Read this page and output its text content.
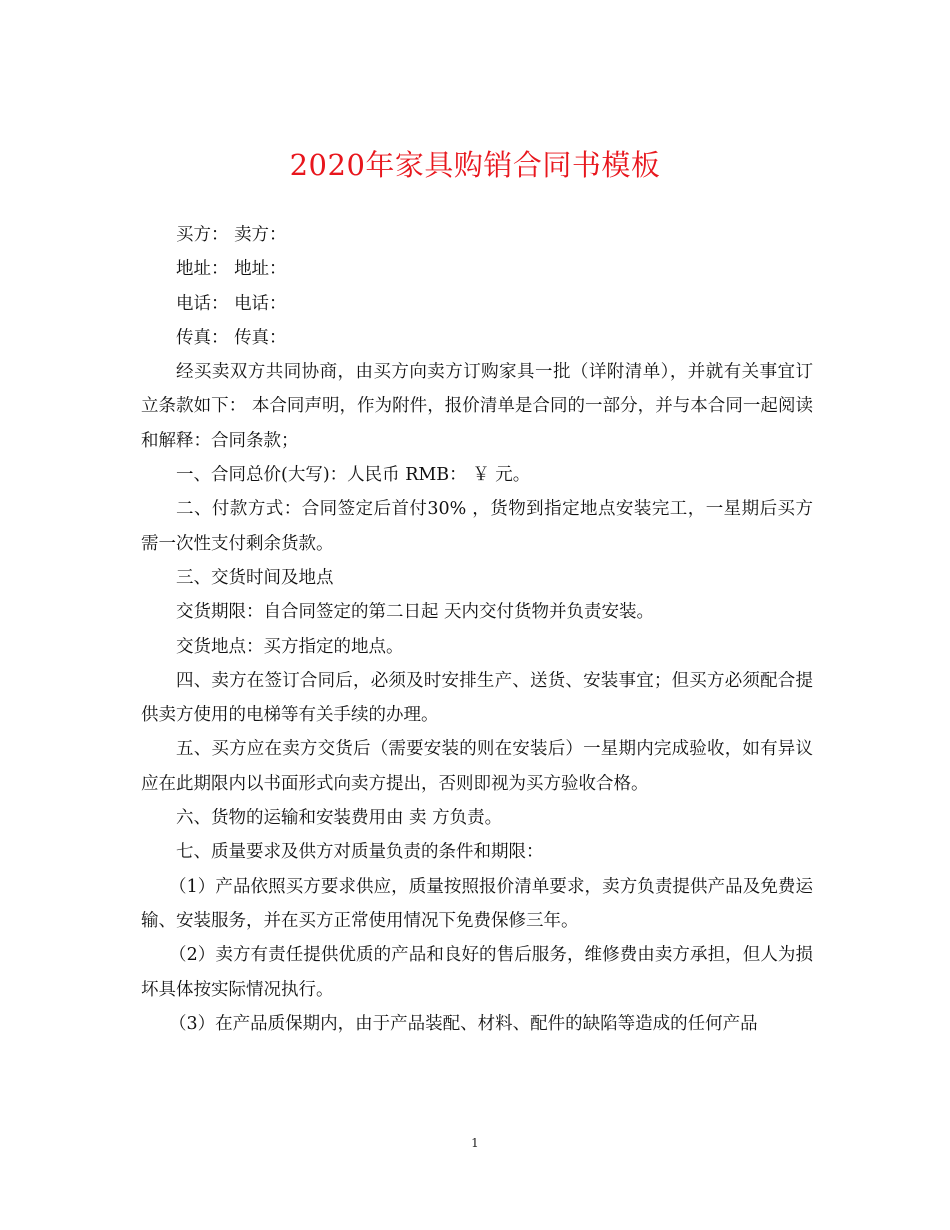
2020年家具购销合同书模板

买方： 卖方：

地址： 地址：

电话： 电话：

传真： 传真：

经买卖双方共同协商，由买方向卖方订购家具一批（详附清单），并就有关事宜订立条款如下： 本合同声明，作为附件，报价清单是合同的一部分，并与本合同一起阅读和解释：合同条款；

一、合同总价(大写)：人民币 RMB： ￥ 元。

二、付款方式：合同签定后首付30% ，货物到指定地点安装完工，一星期后买方需一次性支付剩余货款。

三、交货时间及地点

交货期限：自合同签定的第二日起 天内交付货物并负责安装。

交货地点：买方指定的地点。

四、卖方在签订合同后，必须及时安排生产、送货、安装事宜；但买方必须配合提供卖方使用的电梯等有关手续的办理。

五、买方应在卖方交货后（需要安装的则在安装后）一星期内完成验收，如有异议应在此期限内以书面形式向卖方提出，否则即视为买方验收合格。

六、货物的运输和安装费用由 卖 方负责。

七、质量要求及供方对质量负责的条件和期限：

（1）产品依照买方要求供应，质量按照报价清单要求，卖方负责提供产品及免费运输、安装服务，并在买方正常使用情况下免费保修三年。

（2）卖方有责任提供优质的产品和良好的售后服务，维修费由卖方承担，但人为损坏具体按实际情况执行。

（3）在产品质保期内，由于产品装配、材料、配件的缺陷等造成的任何产品

1
